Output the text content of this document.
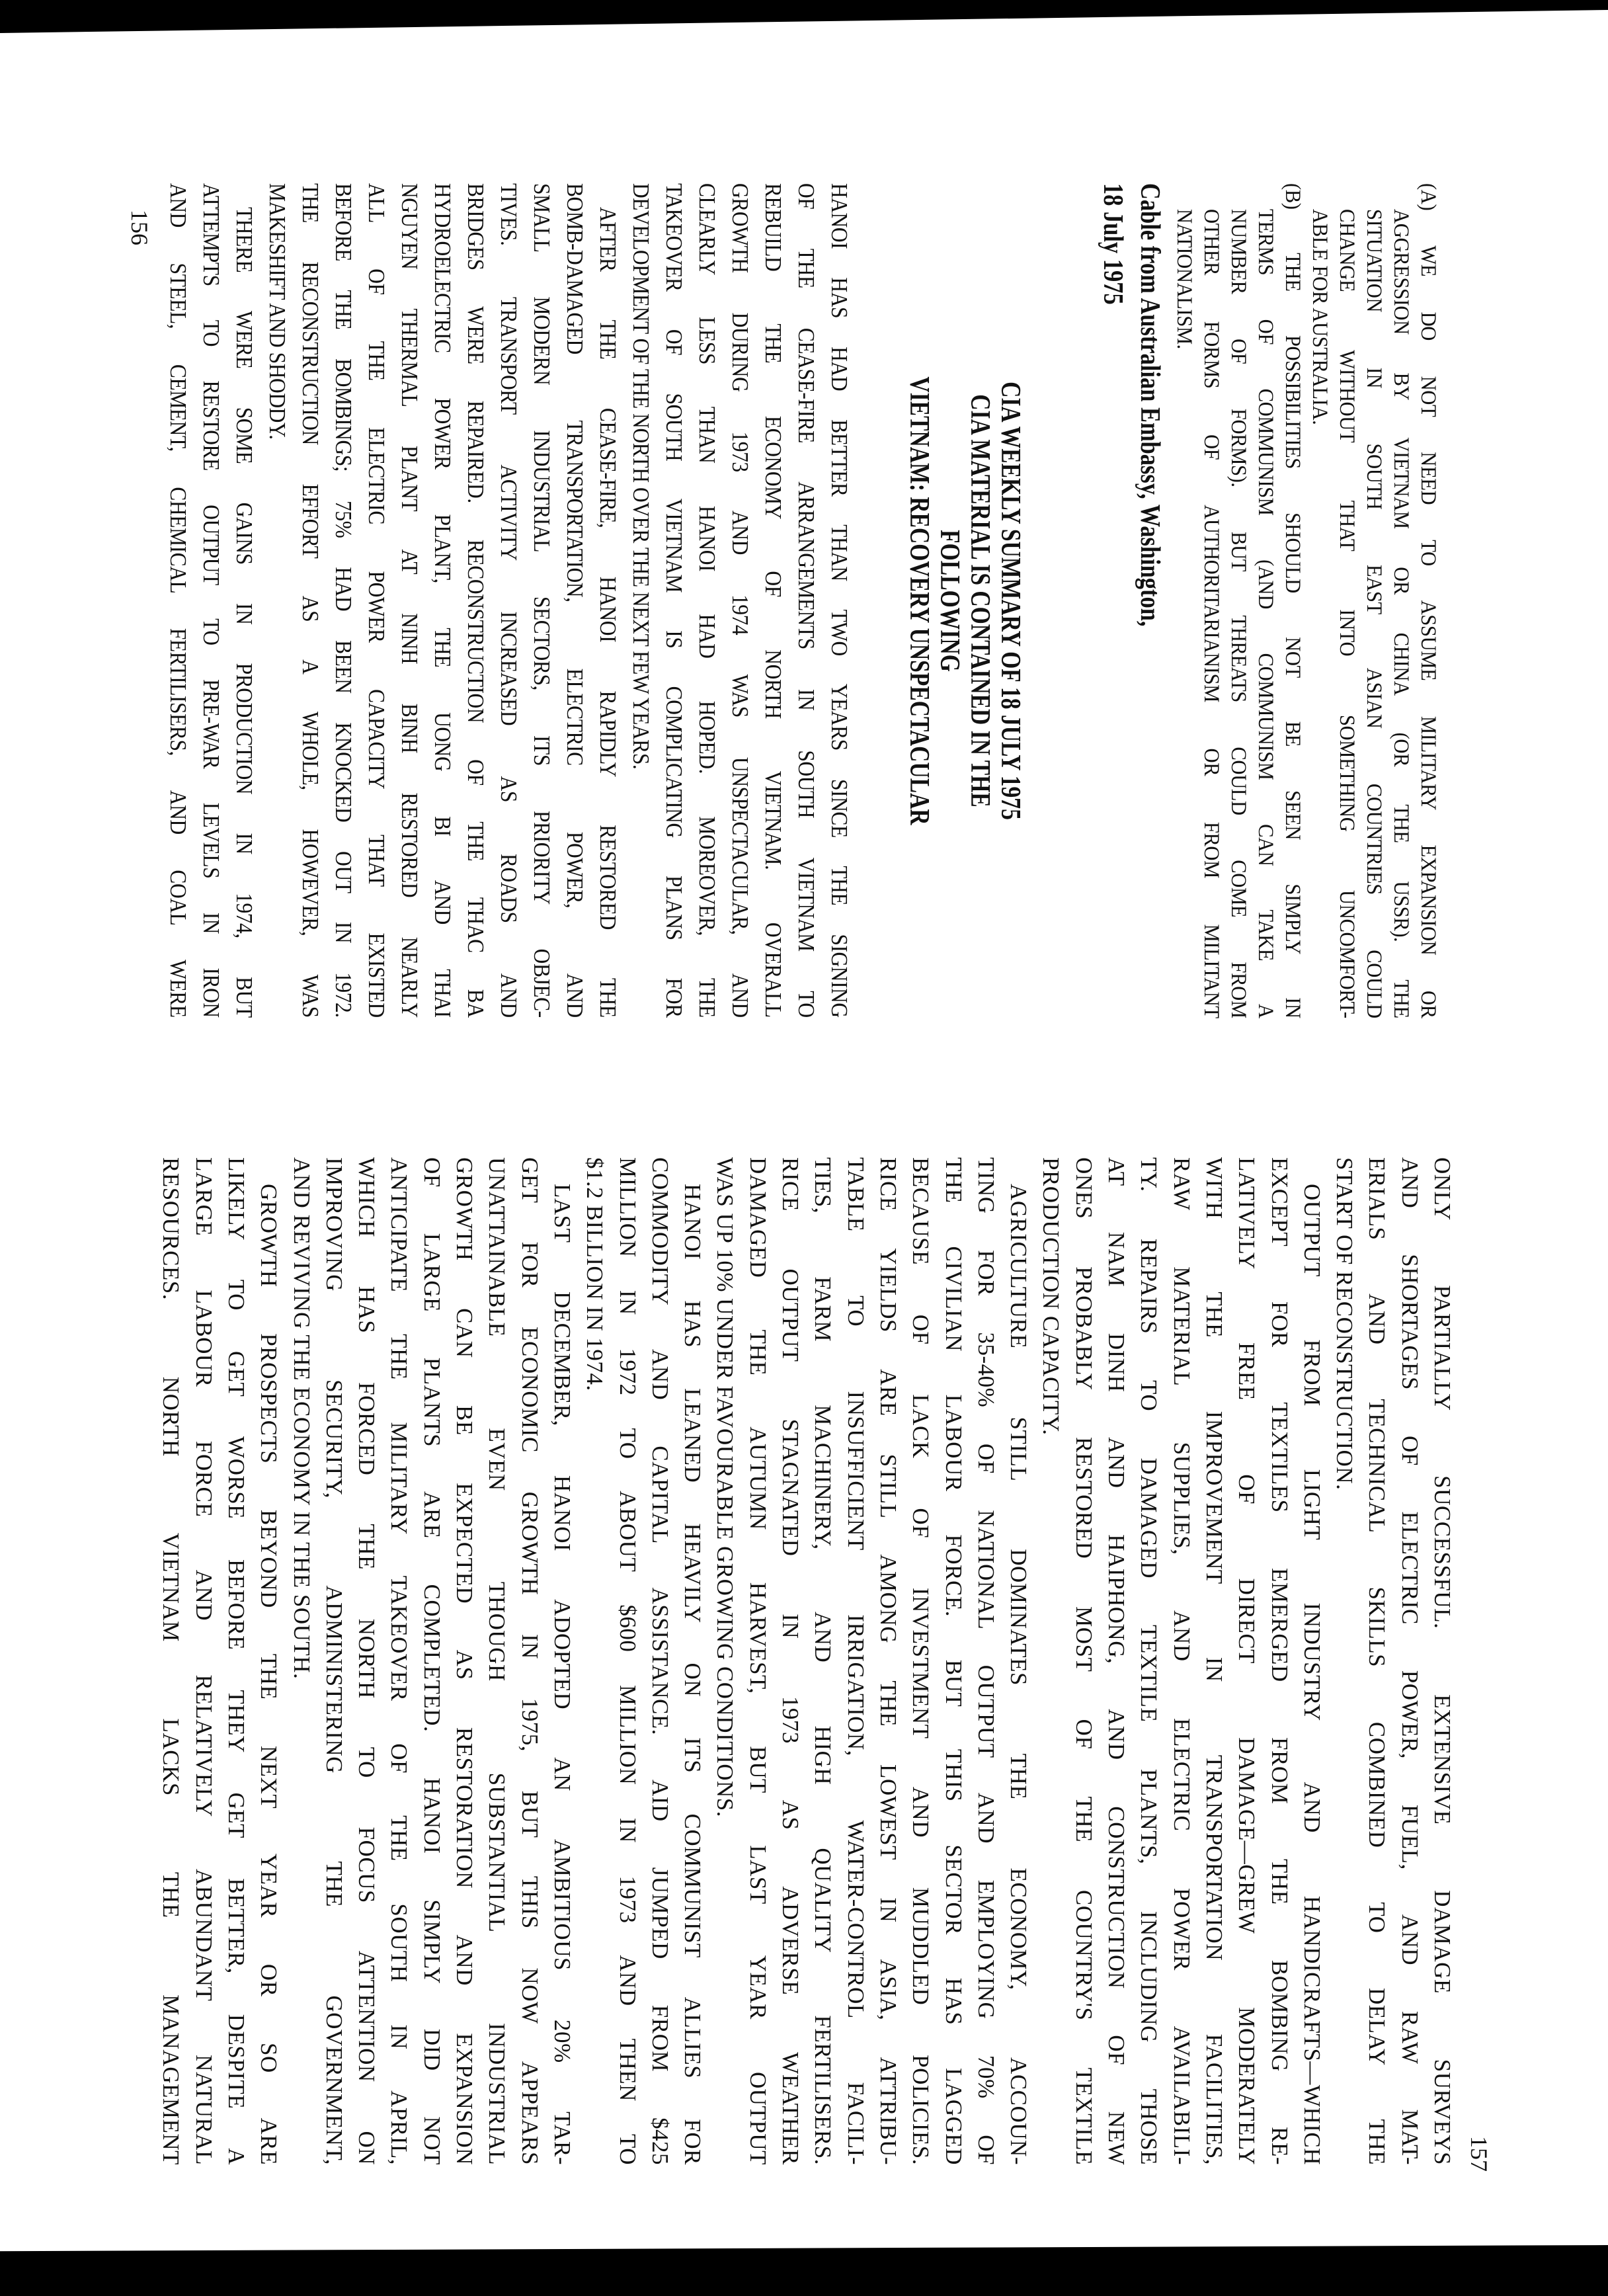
(A) WE DO NOT NEED TO ASSUME MILITARY EXPANSION OR
AGGRESSION BY VIETNAM OR CHINA (OR THE USSR). THE
SITUATION IN SOUTH EAST ASIAN COUNTRIES COULD
CHANGE WITHOUT THAT INTO SOMETHING UNCOMFORT-
ABLE FOR AUSTRALIA.
(B) THE POSSIBILITIES SHOULD NOT BE SEEN SIMPLY IN
TERMS OF COMMUNISM (AND COMMUNISM CAN TAKE A
NUMBER OF FORMS). BUT THREATS COULD COME FROM
OTHER FORMS OF AUTHORITARIANISM OR FROM MILITANT
NATIONALISM.
Cable from Australian Embassy, Washington,
18 July 1975
CIA WEEKLY SUMMARY OF 18 JULY 1975
CIA MATERIAL IS CONTAINED IN THE
FOLLOWING
VIETNAM: RECOVERY UNSPECTACULAR
HANOI HAS HAD BETTER THAN TWO YEARS SINCE THE SIGNING
OF THE CEASE-FIRE ARRANGEMENTS IN SOUTH VIETNAM TO
REBUILD THE ECONOMY OF NORTH VIETNAM. OVERALL
GROWTH DURING 1973 AND 1974 WAS UNSPECTACULAR, AND
CLEARLY LESS THAN HANOI HAD HOPED. MOREOVER, THE
TAKEOVER OF SOUTH VIETNAM IS COMPLICATING PLANS FOR
DEVELOPMENT OF THE NORTH OVER THE NEXT FEW YEARS.
AFTER THE CEASE-FIRE, HANOI RAPIDLY RESTORED THE
BOMB-DAMAGED TRANSPORTATION, ELECTRIC POWER, AND
SMALL MODERN INDUSTRIAL SECTORS, ITS PRIORITY OBJEC-
TIVES. TRANSPORT ACTIVITY INCREASED AS ROADS AND
BRIDGES WERE REPAIRED. RECONSTRUCTION OF THE THAC BA
HYDROELECTRIC POWER PLANT, THE UONG BI AND THAI
NGUYEN THERMAL PLANT AT NINH BINH RESTORED NEARLY
ALL OF THE ELECTRIC POWER CAPACITY THAT EXISTED
BEFORE THE BOMBINGS; 75% HAD BEEN KNOCKED OUT IN 1972.
THE RECONSTRUCTION EFFORT AS A WHOLE, HOWEVER, WAS
MAKESHIFT AND SHODDY.
THERE WERE SOME GAINS IN PRODUCTION IN 1974, BUT
ATTEMPTS TO RESTORE OUTPUT TO PRE-WAR LEVELS IN IRON
AND STEEL, CEMENT, CHEMICAL FERTILISERS, AND COAL WERE
156
ONLY PARTIALLY SUCCESSFUL. EXTENSIVE DAMAGE SURVEYS
AND SHORTAGES OF ELECTRIC POWER, FUEL, AND RAW MAT-
ERIALS AND TECHNICAL SKILLS COMBINED TO DELAY THE
START OF RECONSTRUCTION.
OUTPUT FROM LIGHT INDUSTRY AND HANDICRAFTS—WHICH
EXCEPT FOR TEXTILES EMERGED FROM THE BOMBING RE-
LATIVELY FREE OF DIRECT DAMAGE—GREW MODERATELY
WITH THE IMPROVEMENT IN TRANSPORTATION FACILITIES,
RAW MATERIAL SUPPLIES, AND ELECTRIC POWER AVAILABILI-
TY. REPAIRS TO DAMAGED TEXTILE PLANTS, INCLUDING THOSE
AT NAM DINH AND HAIPHONG, AND CONSTRUCTION OF NEW
ONES PROBABLY RESTORED MOST OF THE COUNTRY'S TEXTILE
PRODUCTION CAPACITY.
AGRICULTURE STILL DOMINATES THE ECONOMY, ACCOUN-
TING FOR 35-40% OF NATIONAL OUTPUT AND EMPLOYING 70% OF
THE CIVILIAN LABOUR FORCE. BUT THIS SECTOR HAS LAGGED
BECAUSE OF LACK OF INVESTMENT AND MUDDLED POLICIES.
RICE YIELDS ARE STILL AMONG THE LOWEST IN ASIA, ATTRIBU-
TABLE TO INSUFFICIENT IRRIGATION, WATER-CONTROL FACILI-
TIES, FARM MACHINERY, AND HIGH QUALITY FERTILISERS.
RICE OUTPUT STAGNATED IN 1973 AS ADVERSE WEATHER
DAMAGED THE AUTUMN HARVEST, BUT LAST YEAR OUTPUT
WAS UP 10% UNDER FAVOURABLE GROWING CONDITIONS.
HANOI HAS LEANED HEAVILY ON ITS COMMUNIST ALLIES FOR
COMMODITY AND CAPITAL ASSISTANCE. AID JUMPED FROM $425
MILLION IN 1972 TO ABOUT $600 MILLION IN 1973 AND THEN TO
$1.2 BILLION IN 1974.
LAST DECEMBER, HANOI ADOPTED AN AMBITIOUS 20% TAR-
GET FOR ECONOMIC GROWTH IN 1975, BUT THIS NOW APPEARS
UNATTAINABLE EVEN THOUGH SUBSTANTIAL INDUSTRIAL
GROWTH CAN BE EXPECTED AS RESTORATION AND EXPANSION
OF LARGE PLANTS ARE COMPLETED. HANOI SIMPLY DID NOT
ANTICIPATE THE MILITARY TAKEOVER OF THE SOUTH IN APRIL,
WHICH HAS FORCED THE NORTH TO FOCUS ATTENTION ON
IMPROVING SECURITY, ADMINISTERING THE GOVERNMENT,
AND REVIVING THE ECONOMY IN THE SOUTH.
GROWTH PROSPECTS BEYOND THE NEXT YEAR OR SO ARE
LIKELY TO GET WORSE BEFORE THEY GET BETTER, DESPITE A
LARGE LABOUR FORCE AND RELATIVELY ABUNDANT NATURAL
RESOURCES. NORTH VIETNAM LACKS THE MANAGEMENT	157
